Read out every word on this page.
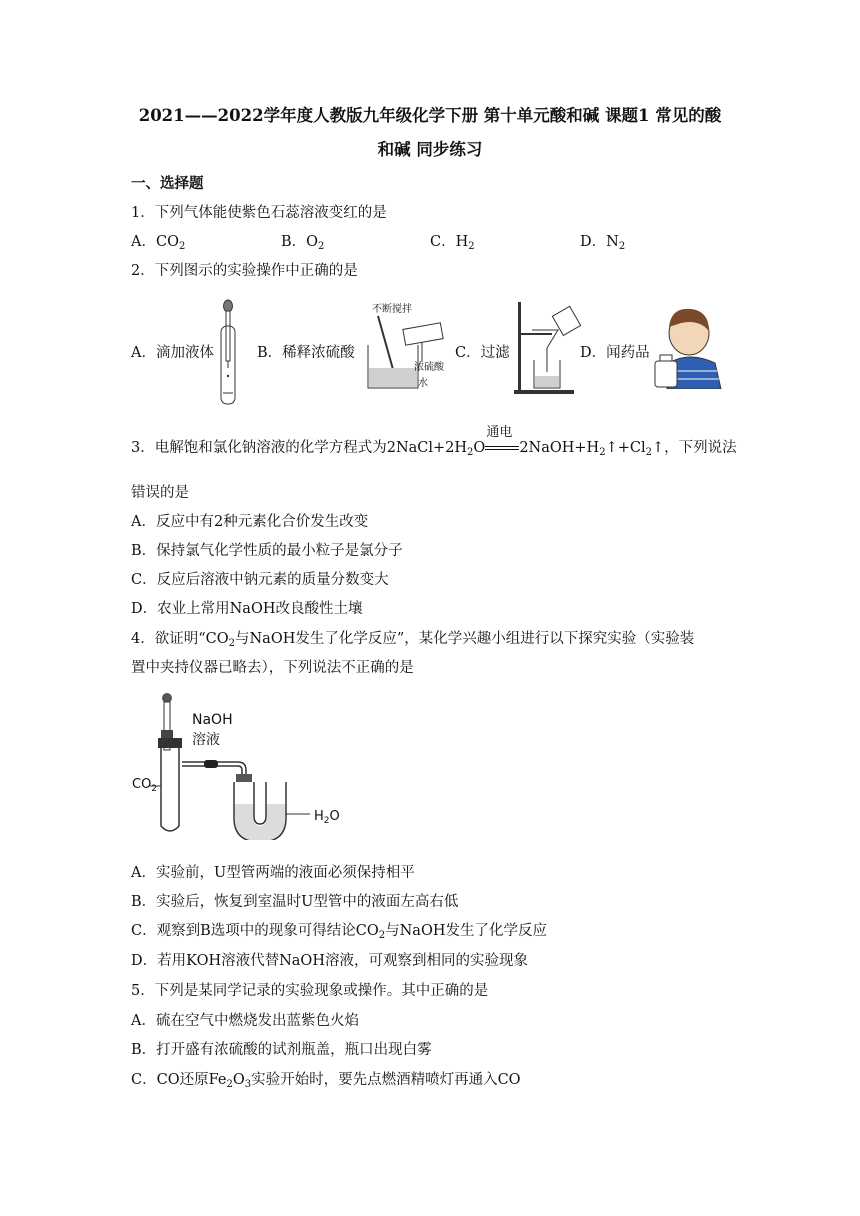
2021——2022学年度人教版九年级化学下册 第十单元酸和碱 课题1 常见的酸
和碱 同步练习
一、选择题
1．下列气体能使紫色石蕊溶液变红的是
A．$CO_2$	B．$O_2$	C．$H_2$	D．$N_2$
2．下列图示的实验操作中正确的是
A．滴加液体	B．稀释浓硫酸
不断搅拌
浓硫酸
水
C．过滤	D．闻药品
3．电解饱和氯化钠溶液的化学方程式为$2NaCl+2H_2O$
通电
$2NaOH+H_2↑+Cl_2↑$，下列说法
错误的是
A．反应中有2种元素化合价发生改变
B．保持氯气化学性质的最小粒子是氯分子
C．反应后溶液中钠元素的质量分数变大
D．农业上常用NaOH改良酸性土壤
4．欲证明“$CO_2$与NaOH发生了化学反应”，某化学兴趣小组进行以下探究实验（实验装
置中夹持仪器已略去），下列说法不正确的是
NaOH
溶液
$CO_2$
$H_2O$
A．实验前，U型管两端的液面必须保持相平
B．实验后，恢复到室温时U型管中的液面左高右低
C．观察到B选项中的现象可得结论$CO_2$与NaOH发生了化学反应
D．若用KOH溶液代替NaOH溶液，可观察到相同的实验现象
5．下列是某同学记录的实验现象或操作。其中正确的是
A．硫在空气中燃烧发出蓝紫色火焰
B．打开盛有浓硫酸的试剂瓶盖，瓶口出现白雾
C．CO还原$Fe_2O_3$实验开始时，要先点燃酒精喷灯再通入CO
